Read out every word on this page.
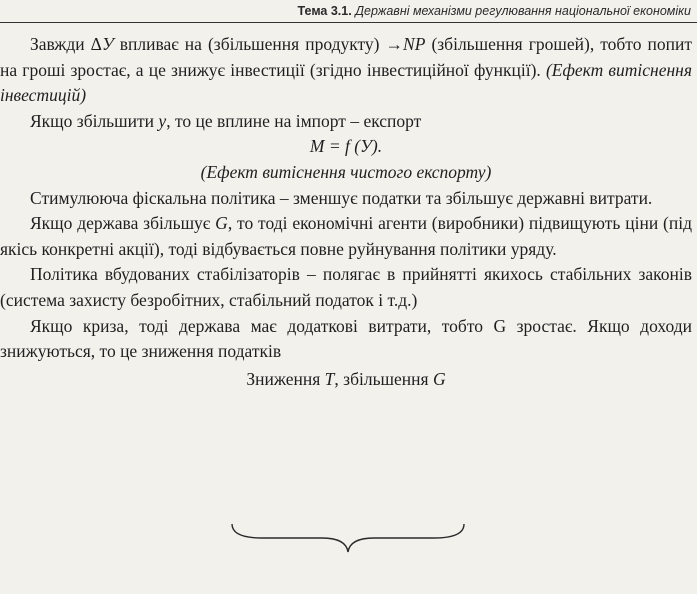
Тема 3.1. Державні механізми регулювання національної економіки

Завжди ΔУ впливає на (збільшення продукту) →NP (збільшення грошей), тобто попит на гроші зростає, а це знижує інвестиції (згідно інвестиційної функції). (Ефект витіснення інвестицій)

Якщо збільшити у, то це вплине на імпорт – експорт

M = f (У).

(Ефект витіснення чистого експорту)

Стимулююча фіскальна політика – зменшує податки та збільшує державні витрати.

Якщо держава збільшує G, то тоді економічні агенти (виробники) підвищують ціни (під якісь конкретні акції), тоді відбувається повне руйнування політики уряду.

Політика вбудованих стабілізаторів – полягає в прийнятті якихось стабільних законів (система захисту безробітних, стабільний податок і т.д.)

Якщо криза, тоді держава має додаткові витрати, тобто G зростає. Якщо доходи знижуються, то це зниження податків

Зниження T, збільшення G
